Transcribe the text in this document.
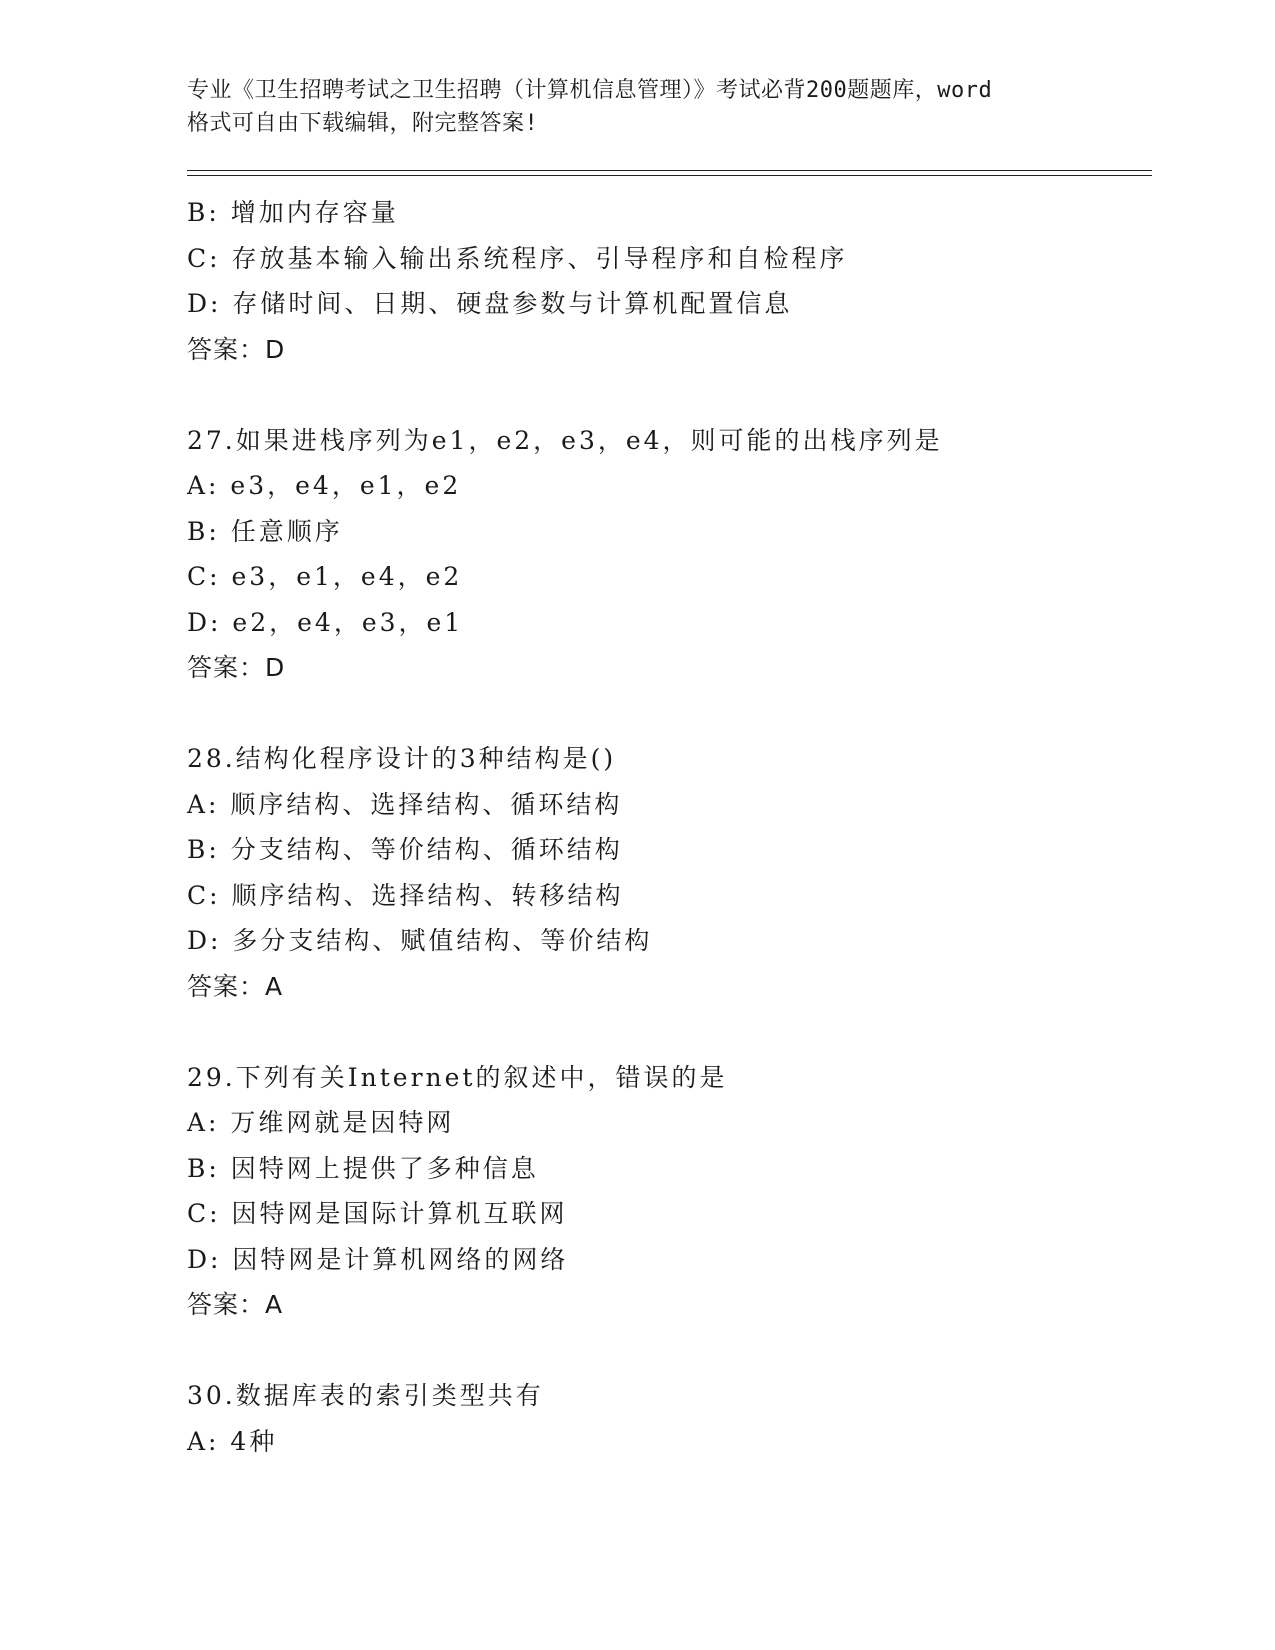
专业《卫生招聘考试之卫生招聘（计算机信息管理）》考试必背200题题库，word
格式可自由下载编辑，附完整答案!
B: 增加内存容量
C: 存放基本输入输出系统程序、引导程序和自检程序
D: 存储时间、日期、硬盘参数与计算机配置信息
答案：D
27.如果进栈序列为e1，e2，e3，e4，则可能的出栈序列是
A: e3，e4，e1，e2
B: 任意顺序
C: e3，e1，e4，e2
D: e2，e4，e3，e1
答案：D
28.结构化程序设计的3种结构是()
A: 顺序结构、选择结构、循环结构
B: 分支结构、等价结构、循环结构
C: 顺序结构、选择结构、转移结构
D: 多分支结构、赋值结构、等价结构
答案：A
29.下列有关Internet的叙述中，错误的是
A: 万维网就是因特网
B: 因特网上提供了多种信息
C: 因特网是国际计算机互联网
D: 因特网是计算机网络的网络
答案：A
30.数据库表的索引类型共有
A: 4种
